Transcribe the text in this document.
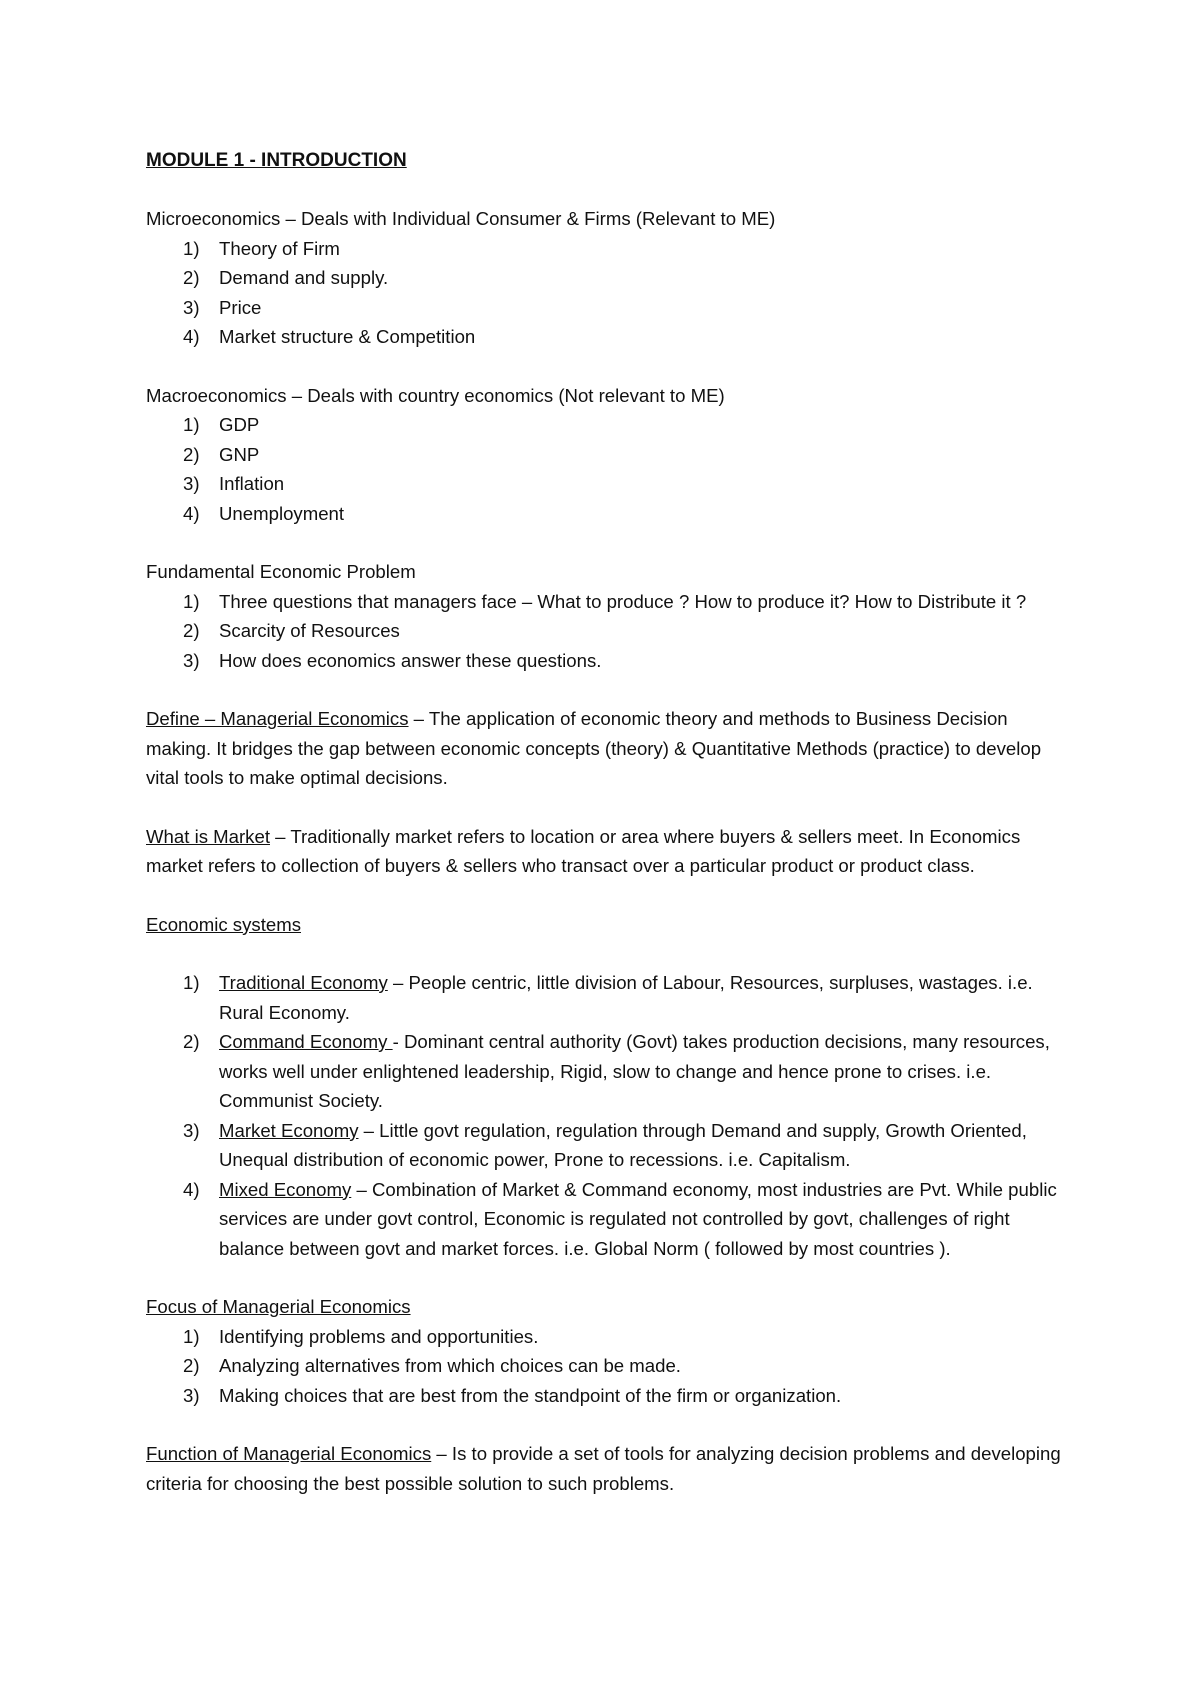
MODULE 1 - INTRODUCTION

Microeconomics – Deals with Individual Consumer & Firms (Relevant to ME)

1) Theory of Firm
2) Demand and supply.
3) Price
4) Market structure & Competition

Macroeconomics – Deals with country economics (Not relevant to ME)

1) GDP
2) GNP
3) Inflation
4) Unemployment

Fundamental Economic Problem

1) Three questions that managers face – What to produce ? How to produce it? How to Distribute it ?
2) Scarcity of Resources
3) How does economics answer these questions.

Define – Managerial Economics – The application of economic theory and methods to Business Decision making. It bridges the gap between economic concepts (theory) & Quantitative Methods (practice) to develop vital tools to make optimal decisions.

What is Market – Traditionally market refers to location or area where buyers & sellers meet. In Economics market refers to collection of buyers & sellers who transact over a particular product or product class.

Economic systems

1) Traditional Economy – People centric, little division of Labour, Resources, surpluses, wastages. i.e. Rural Economy.
2) Command Economy - Dominant central authority (Govt) takes production decisions, many resources, works well under enlightened leadership, Rigid, slow to change and hence prone to crises. i.e. Communist Society.
3) Market Economy – Little govt regulation, regulation through Demand and supply, Growth Oriented, Unequal distribution of economic power, Prone to recessions. i.e. Capitalism.
4) Mixed Economy – Combination of Market & Command economy, most industries are Pvt. While public services are under govt control, Economic is regulated not controlled by govt, challenges of right balance between govt and market forces. i.e. Global Norm ( followed by most countries ).

Focus of Managerial Economics

1) Identifying problems and opportunities.
2) Analyzing alternatives from which choices can be made.
3) Making choices that are best from the standpoint of the firm or organization.

Function of Managerial Economics – Is to provide a set of tools for analyzing decision problems and developing criteria for choosing the best possible solution to such problems.
